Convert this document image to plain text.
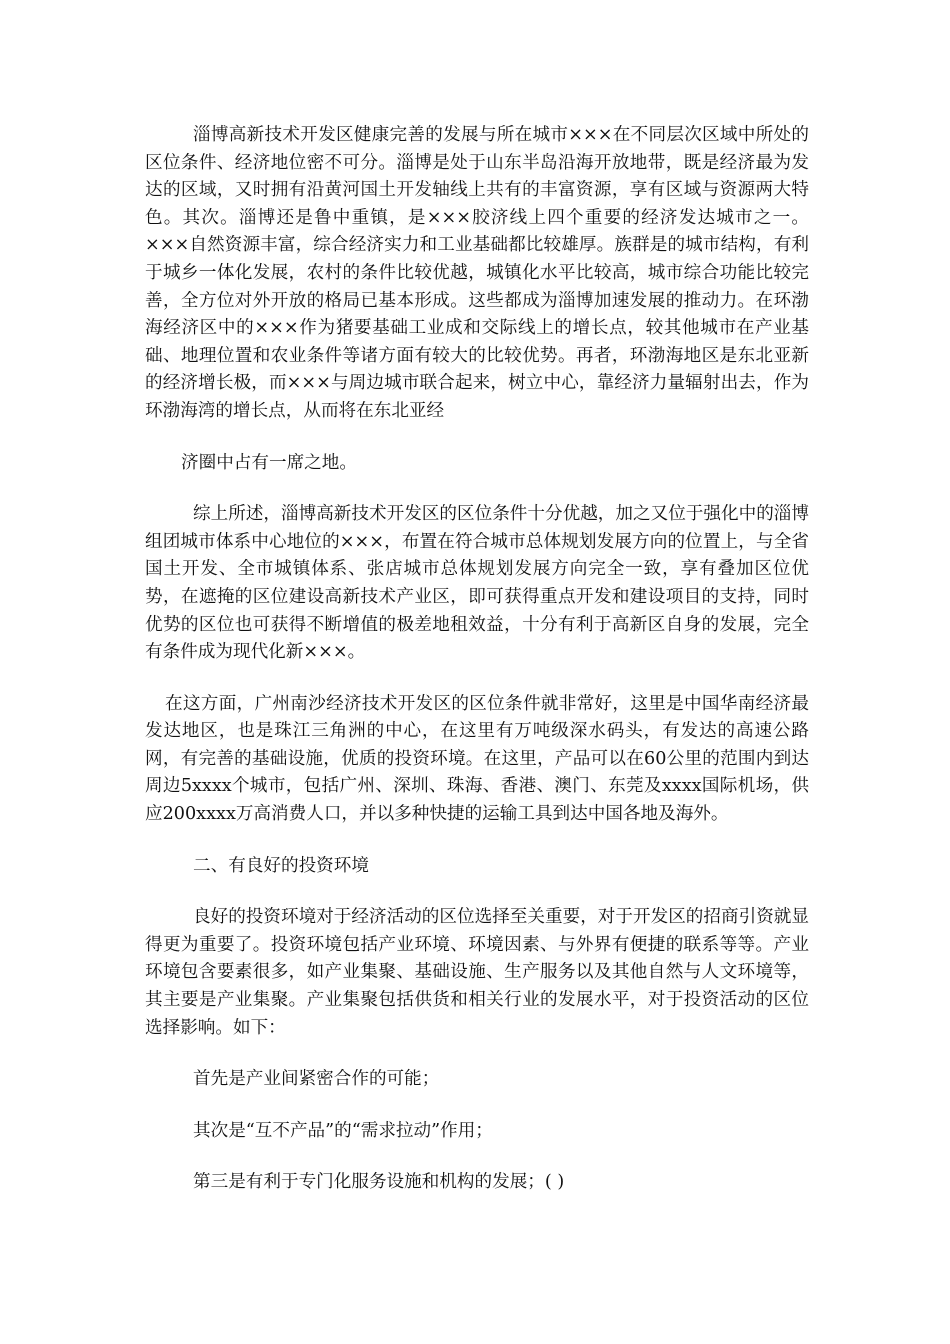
淄博高新技术开发区健康完善的发展与所在城市×××在不同层次区域中所处的区位条件、经济地位密不可分。淄博是处于山东半岛沿海开放地带，既是经济最为发达的区域，又时拥有沿黄河国土开发轴线上共有的丰富资源，享有区域与资源两大特色。其次。淄博还是鲁中重镇，是×××胶济线上四个重要的经济发达城市之一。×××自然资源丰富，综合经济实力和工业基础都比较雄厚。族群是的城市结构，有利于城乡一体化发展，农村的条件比较优越，城镇化水平比较高，城市综合功能比较完善，全方位对外开放的格局已基本形成。这些都成为淄博加速发展的推动力。在环渤海经济区中的×××作为猪要基础工业成和交际线上的增长点，较其他城市在产业基础、地理位置和农业条件等诸方面有较大的比较优势。再者，环渤海地区是东北亚新的经济增长极，而×××与周边城市联合起来，树立中心，靠经济力量辐射出去，作为环渤海湾的增长点，从而将在东北亚经

济圈中占有一席之地。

综上所述，淄博高新技术开发区的区位条件十分优越，加之又位于强化中的淄博组团城市体系中心地位的×××，布置在符合城市总体规划发展方向的位置上，与全省国土开发、全市城镇体系、张店城市总体规划发展方向完全一致，享有叠加区位优势，在遮掩的区位建设高新技术产业区，即可获得重点开发和建设项目的支持，同时优势的区位也可获得不断增值的极差地租效益，十分有利于高新区自身的发展，完全有条件成为现代化新×××。

在这方面，广州南沙经济技术开发区的区位条件就非常好，这里是中国华南经济最发达地区，也是珠江三角洲的中心，在这里有万吨级深水码头，有发达的高速公路网，有完善的基础设施，优质的投资环境。在这里，产品可以在60公里的范围内到达周边5xxxx个城市，包括广州、深圳、珠海、香港、澳门、东莞及xxxx国际机场，供应200xxxx万高消费人口，并以多种快捷的运输工具到达中国各地及海外。

二、有良好的投资环境

良好的投资环境对于经济活动的区位选择至关重要，对于开发区的招商引资就显得更为重要了。投资环境包括产业环境、环境因素、与外界有便捷的联系等等。产业环境包含要素很多，如产业集聚、基础设施、生产服务以及其他自然与人文环境等，其主要是产业集聚。产业集聚包括供货和相关行业的发展水平，对于投资活动的区位选择影响。如下：

首先是产业间紧密合作的可能；

其次是“互不产品”的“需求拉动”作用；

第三是有利于专门化服务设施和机构的发展；( )
